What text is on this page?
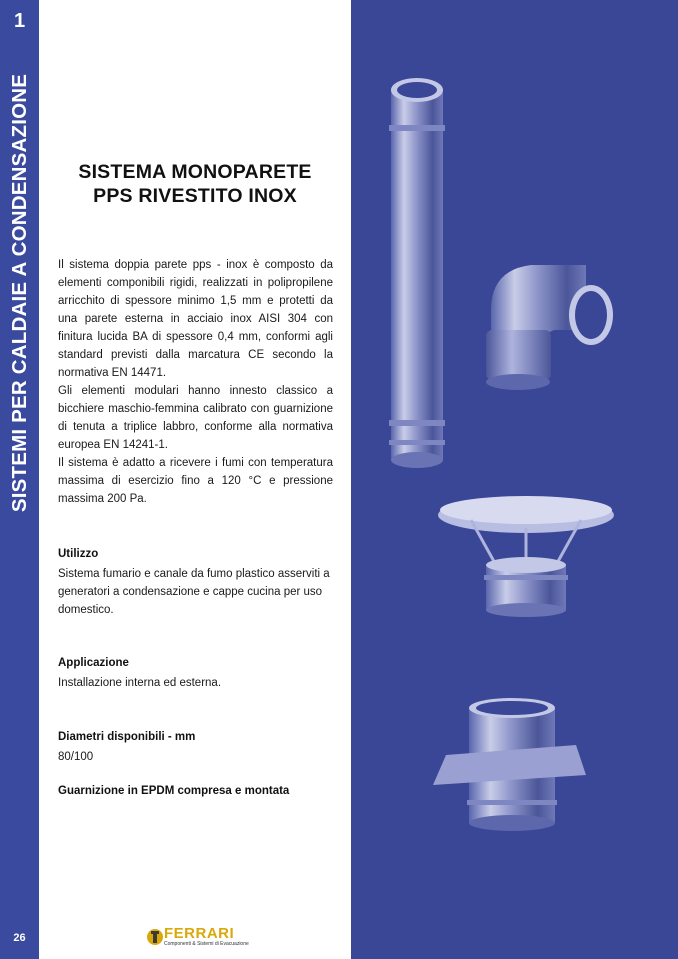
1
SISTEMI PER CALDAIE A CONDENSAZIONE
26
SISTEMA MONOPARETE
PPS RIVESTITO INOX

Il sistema doppia parete pps - inox è composto da elementi componibili rigidi, realizzati in polipropilene arricchito di spessore minimo 1,5 mm e protetti da una parete esterna in acciaio inox AISI 304 con finitura lucida BA di spessore 0,4 mm, conformi agli standard previsti dalla marcatura CE secondo la normativa EN 14471.

Gli elementi modulari hanno innesto classico a bicchiere maschio-femmina calibrato con guarnizione di tenuta a triplice labbro, conforme alla normativa europea EN 14241-1.

Il sistema è adatto a ricevere i fumi con temperatura massima di esercizio fino a 120 °C e pressione massima 200 Pa.

Utilizzo
Sistema fumario e canale da fumo plastico asserviti a generatori a condensazione e cappe cucina per uso domestico.
Applicazione
Installazione interna ed esterna.
Diametri disponibili - mm
80/100
Guarnizione in EPDM compresa e montata
FERRARI
Componenti & Sistemi di Evacuazione
